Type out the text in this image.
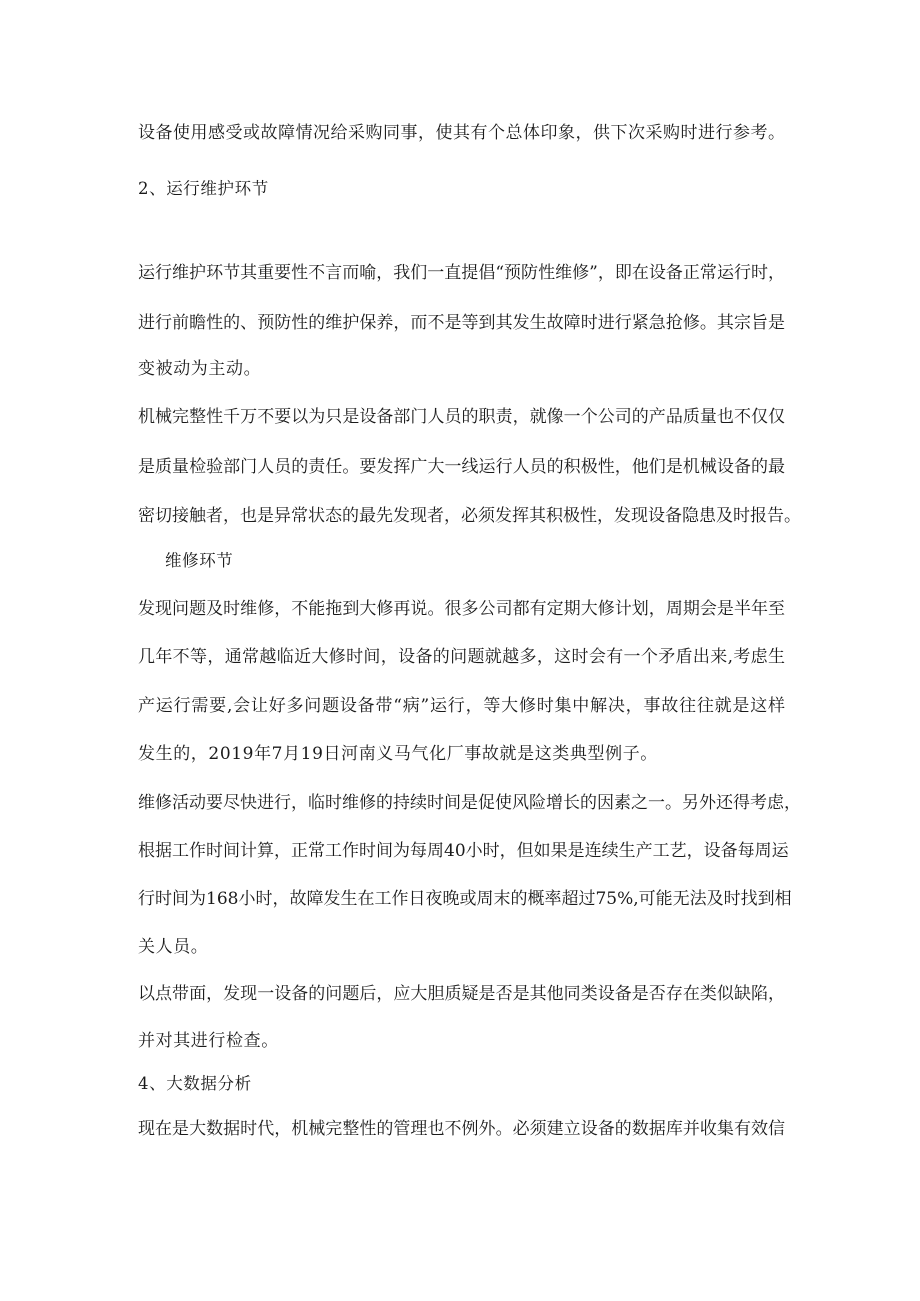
设备使用感受或故障情况给采购同事，使其有个总体印象，供下次采购时进行参考。
2、运行维护环节
运行维护环节其重要性不言而喻，我们一直提倡“预防性维修”，即在设备正常运行时，
进行前瞻性的、预防性的维护保养，而不是等到其发生故障时进行紧急抢修。其宗旨是
变被动为主动。
机械完整性千万不要以为只是设备部门人员的职责，就像一个公司的产品质量也不仅仅
是质量检验部门人员的责任。要发挥广大一线运行人员的积极性，他们是机械设备的最
密切接触者，也是异常状态的最先发现者，必须发挥其积极性，发现设备隐患及时报告。
维修环节
发现问题及时维修，不能拖到大修再说。很多公司都有定期大修计划，周期会是半年至
几年不等，通常越临近大修时间，设备的问题就越多，这时会有一个矛盾出来,考虑生
产运行需要,会让好多问题设备带“病”运行，等大修时集中解决，事故往往就是这样
发生的，2019年7月19日河南义马气化厂事故就是这类典型例子。
维修活动要尽快进行，临时维修的持续时间是促使风险增长的因素之一。另外还得考虑，
根据工作时间计算，正常工作时间为每周40小时，但如果是连续生产工艺，设备每周运
行时间为168小时，故障发生在工作日夜晚或周末的概率超过75%,可能无法及时找到相
关人员。
以点带面，发现一设备的问题后，应大胆质疑是否是其他同类设备是否存在类似缺陷，
并对其进行检查。
4、大数据分析
现在是大数据时代，机械完整性的管理也不例外。必须建立设备的数据库并收集有效信
